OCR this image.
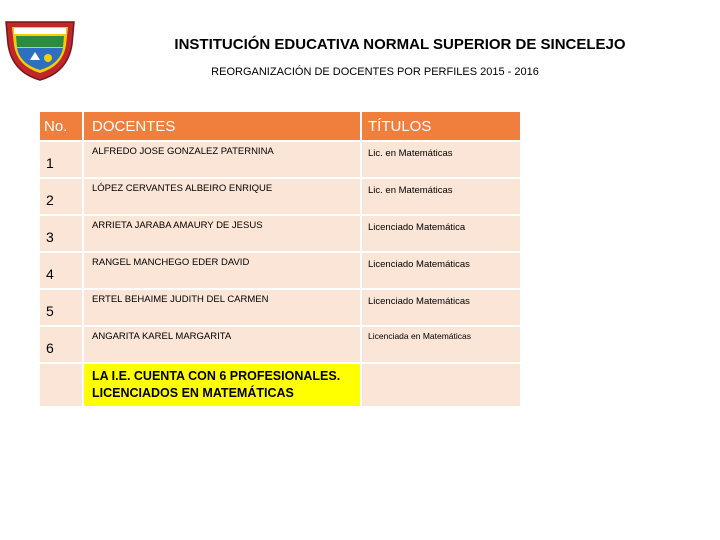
INSTITUCIÓN EDUCATIVA NORMAL SUPERIOR DE SINCELEJO
REORGANIZACIÓN DE DOCENTES POR PERFILES 2015 - 2016
No.	DOCENTES	TÍTULOS
1	ALFREDO JOSE GONZALEZ PATERNINA	Lic. en Matemáticas
2	LÓPEZ CERVANTES ALBEIRO ENRIQUE	Lic. en Matemáticas
3	ARRIETA JARABA AMAURY DE JESUS	Licenciado Matemática
4	RANGEL MANCHEGO EDER DAVID	Licenciado Matemáticas
5	ERTEL BEHAIME JUDITH DEL CARMEN	Licenciado Matemáticas
6	ANGARITA KAREL MARGARITA	Licenciada en Matemáticas

	LA I.E. CUENTA CON 6 PROFESIONALES.
LICENCIADOS EN MATEMÁTICAS	
